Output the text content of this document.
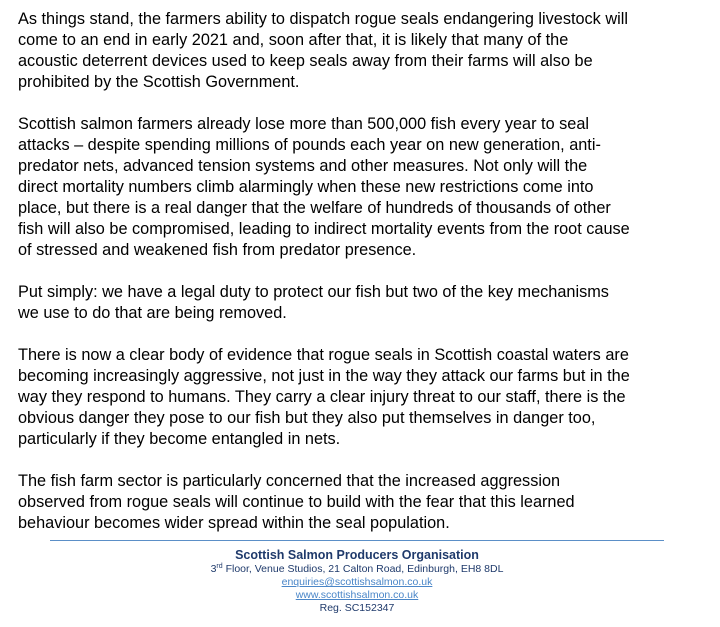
As things stand, the farmers ability to dispatch rogue seals endangering livestock will
come to an end in early 2021 and, soon after that, it is likely that many of the
acoustic deterrent devices used to keep seals away from their farms will also be
prohibited by the Scottish Government.

Scottish salmon farmers already lose more than 500,000 fish every year to seal
attacks – despite spending millions of pounds each year on new generation, anti-
predator nets, advanced tension systems and other measures. Not only will the
direct mortality numbers climb alarmingly when these new restrictions come into
place, but there is a real danger that the welfare of hundreds of thousands of other
fish will also be compromised, leading to indirect mortality events from the root cause
of stressed and weakened fish from predator presence.

Put simply: we have a legal duty to protect our fish but two of the key mechanisms
we use to do that are being removed.

There is now a clear body of evidence that rogue seals in Scottish coastal waters are
becoming increasingly aggressive, not just in the way they attack our farms but in the
way they respond to humans. They carry a clear injury threat to our staff, there is the
obvious danger they pose to our fish but they also put themselves in danger too,
particularly if they become entangled in nets.

The fish farm sector is particularly concerned that the increased aggression
observed from rogue seals will continue to build with the fear that this learned
behaviour becomes wider spread within the seal population.

Scottish Salmon Producers Organisation
3rd Floor, Venue Studios, 21 Calton Road, Edinburgh, EH8 8DL
enquiries@scottishsalmon.co.uk
www.scottishsalmon.co.uk
Reg. SC152347
